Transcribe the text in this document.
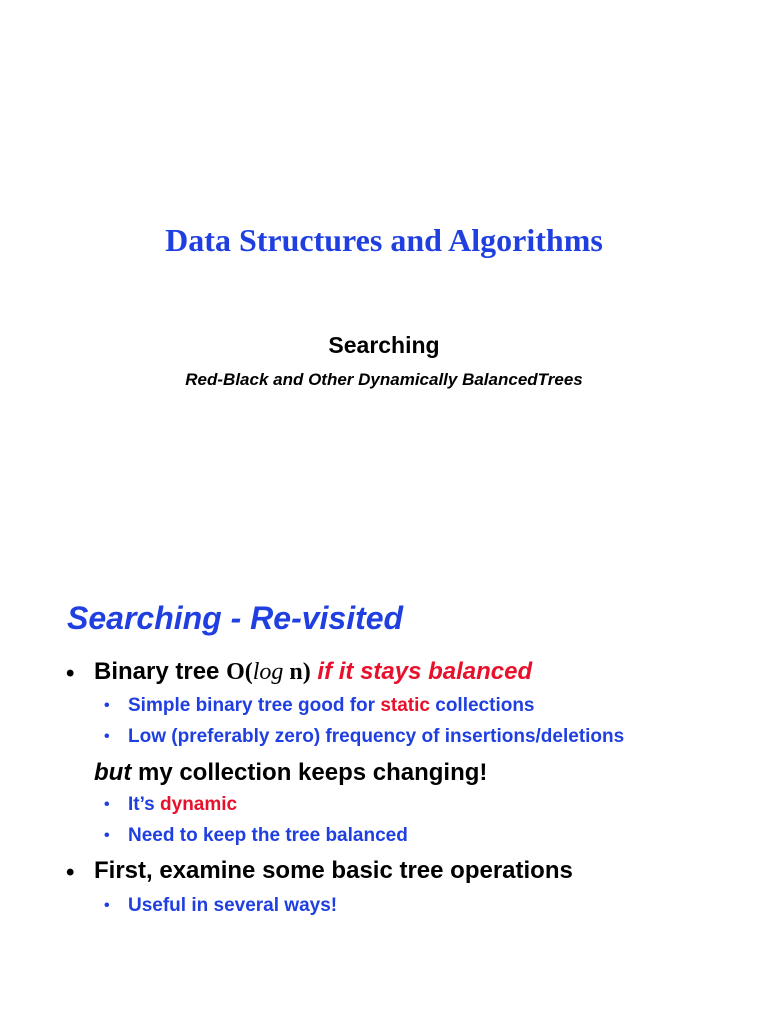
Data Structures and Algorithms
Searching
Red-Black and Other Dynamically BalancedTrees
Searching - Re-visited
• Binary tree O(log n) if it stays balanced
• Simple binary tree good for static collections
• Low (preferably zero) frequency of insertions/deletions
but my collection keeps changing!
• It’s dynamic
• Need to keep the tree balanced
• First, examine some basic tree operations
• Useful in several ways!
